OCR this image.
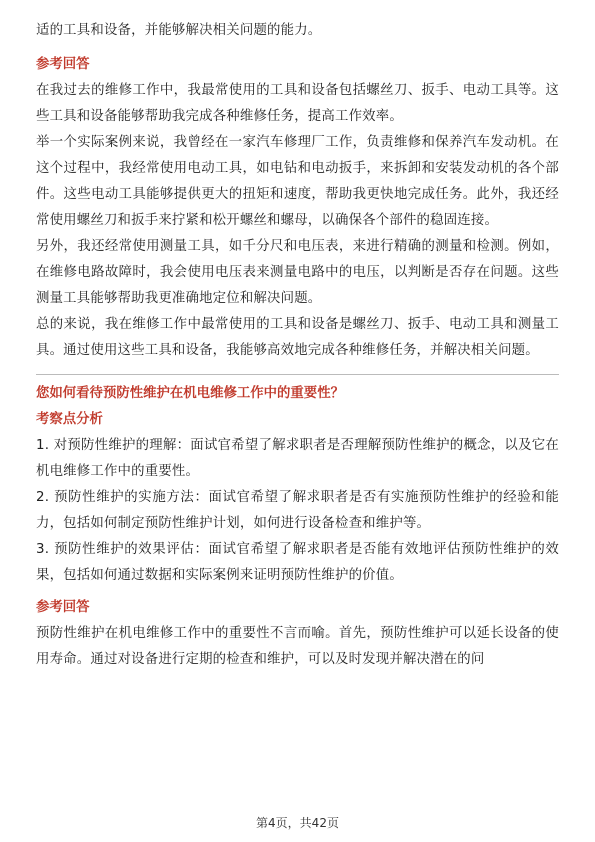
适的工具和设备，并能够解决相关问题的能力。

参考回答

在我过去的维修工作中，我最常使用的工具和设备包括螺丝刀、扳手、电动工具等。这些工具和设备能够帮助我完成各种维修任务，提高工作效率。

举一个实际案例来说，我曾经在一家汽车修理厂工作，负责维修和保养汽车发动机。在这个过程中，我经常使用电动工具，如电钻和电动扳手，来拆卸和安装发动机的各个部件。这些电动工具能够提供更大的扭矩和速度，帮助我更快地完成任务。此外，我还经常使用螺丝刀和扳手来拧紧和松开螺丝和螺母，以确保各个部件的稳固连接。

另外，我还经常使用测量工具，如千分尺和电压表，来进行精确的测量和检测。例如，在维修电路故障时，我会使用电压表来测量电路中的电压，以判断是否存在问题。这些测量工具能够帮助我更准确地定位和解决问题。

总的来说，我在维修工作中最常使用的工具和设备是螺丝刀、扳手、电动工具和测量工具。通过使用这些工具和设备，我能够高效地完成各种维修任务，并解决相关问题。

您如何看待预防性维护在机电维修工作中的重要性？
考察点分析

1. 对预防性维护的理解：面试官希望了解求职者是否理解预防性维护的概念，以及它在机电维修工作中的重要性。

2. 预防性维护的实施方法：面试官希望了解求职者是否有实施预防性维护的经验和能力，包括如何制定预防性维护计划，如何进行设备检查和维护等。

3. 预防性维护的效果评估：面试官希望了解求职者是否能有效地评估预防性维护的效果，包括如何通过数据和实际案例来证明预防性维护的价值。

参考回答

预防性维护在机电维修工作中的重要性不言而喻。首先，预防性维护可以延长设备的使用寿命。通过对设备进行定期的检查和维护，可以及时发现并解决潜在的问

第4页，共42页
